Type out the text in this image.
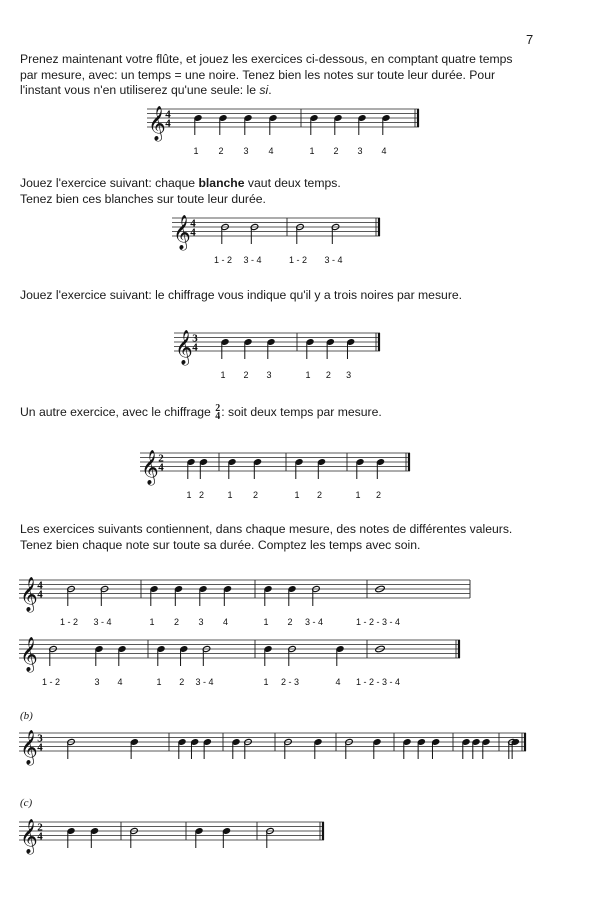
7
Prenez maintenant votre flûte, et jouez les exercices ci-dessous, en comptant quatre temps
par mesure, avec: un temps = une noire. Tenez bien les notes sur toute leur durée. Pour
l'instant vous n'en utiliserez qu'une seule: le si.
Jouez l'exercice suivant: chaque blanche vaut deux temps.
Tenez bien ces blanches sur toute leur durée.
Jouez l'exercice suivant: le chiffrage vous indique qu'il y a trois noires par mesure.
Un autre exercice, avec le chiffrage 2
4 : soit deux temps par mesure.
Les exercices suivants contiennent, dans chaque mesure, des notes de différentes valeurs.
Tenez bien chaque note sur toute sa durée. Comptez les temps avec soin.
(b)
(c)
𝄞 4
4
1 2 3 4	1 2 3 4
𝄞 4
4
1 - 2 3 - 4	1 - 2 3 - 4
𝄞 3
4
1 2 3	1 2 3
𝄞 2
4
1 2	1 2	1 2	1 2
𝄞 4
4
1 - 2 3 - 4	1 2 3 4	1 2 3 - 4	1 - 2 - 3 - 4
𝄞
1 - 2	3 4	1 2 3 - 4	1 2 - 3	4 1 - 2 - 3 - 4
𝄞 3
4
𝄞 2
4
